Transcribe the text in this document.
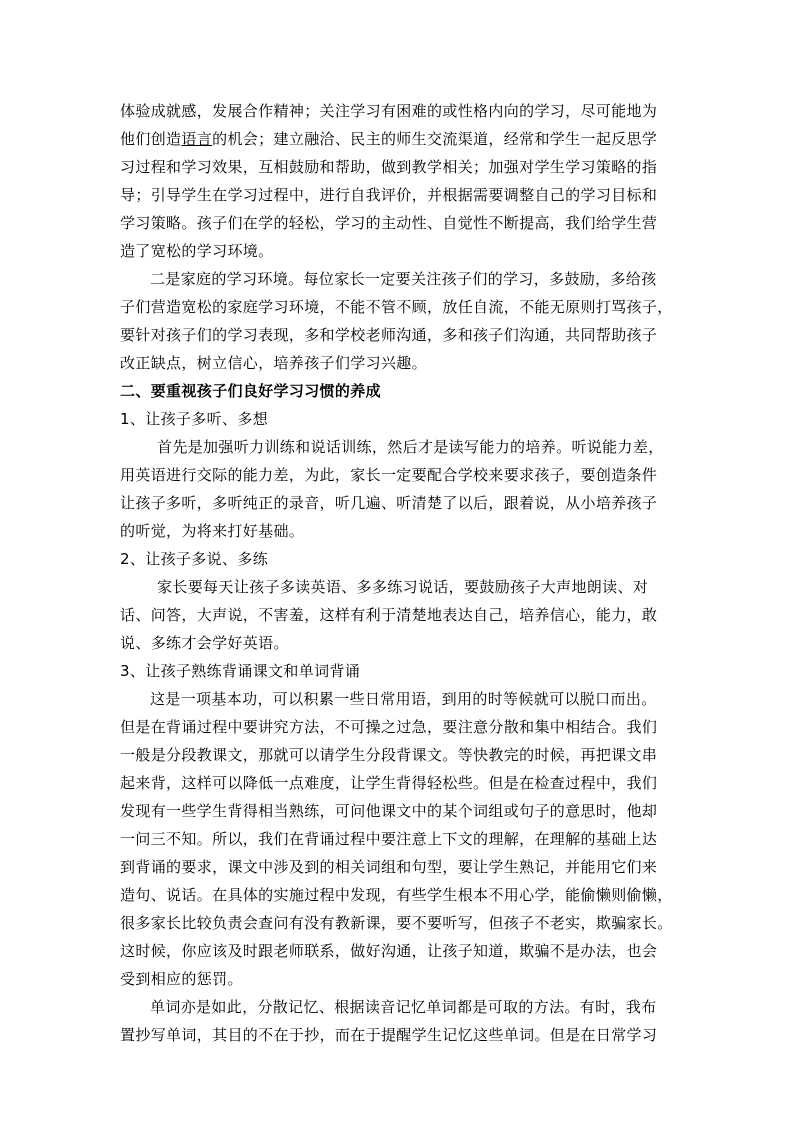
体验成就感，发展合作精神；关注学习有困难的或性格内向的学习，尽可能地为
他们创造语言的机会；建立融洽、民主的师生交流渠道，经常和学生一起反思学
习过程和学习效果，互相鼓励和帮助，做到教学相关；加强对学生学习策略的指
导；引导学生在学习过程中，进行自我评价，并根据需要调整自己的学习目标和
学习策略。孩子们在学的轻松，学习的主动性、自觉性不断提高，我们给学生营
造了宽松的学习环境。
二是家庭的学习环境。每位家长一定要关注孩子们的学习，多鼓励，多给孩
子们营造宽松的家庭学习环境，不能不管不顾，放任自流，不能无原则打骂孩子，
要针对孩子们的学习表现，多和学校老师沟通，多和孩子们沟通，共同帮助孩子
改正缺点，树立信心，培养孩子们学习兴趣。
二、要重视孩子们良好学习习惯的养成
1、让孩子多听、多想
首先是加强听力训练和说话训练，然后才是读写能力的培养。听说能力差，
用英语进行交际的能力差，为此，家长一定要配合学校来要求孩子，要创造条件
让孩子多听，多听纯正的录音，听几遍、听清楚了以后，跟着说，从小培养孩子
的听觉，为将来打好基础。
2、让孩子多说、多练
家长要每天让孩子多读英语、多多练习说话，要鼓励孩子大声地朗读、对
话、问答，大声说，不害羞，这样有利于清楚地表达自己，培养信心，能力，敢
说、多练才会学好英语。
3、让孩子熟练背诵课文和单词背诵
这是一项基本功，可以积累一些日常用语，到用的时等候就可以脱口而出。
但是在背诵过程中要讲究方法，不可操之过急，要注意分散和集中相结合。我们
一般是分段教课文，那就可以请学生分段背课文。等快教完的时候，再把课文串
起来背，这样可以降低一点难度，让学生背得轻松些。但是在检查过程中，我们
发现有一些学生背得相当熟练，可问他课文中的某个词组或句子的意思时，他却
一问三不知。所以，我们在背诵过程中要注意上下文的理解，在理解的基础上达
到背诵的要求，课文中涉及到的相关词组和句型，要让学生熟记，并能用它们来
造句、说话。在具体的实施过程中发现，有些学生根本不用心学，能偷懒则偷懒，
很多家长比较负责会查问有没有教新课，要不要听写，但孩子不老实，欺骗家长。
这时候，你应该及时跟老师联系，做好沟通，让孩子知道，欺骗不是办法，也会
受到相应的惩罚。
单词亦是如此，分散记忆、根据读音记忆单词都是可取的方法。有时，我布
置抄写单词，其目的不在于抄，而在于提醒学生记忆这些单词。但是在日常学习
